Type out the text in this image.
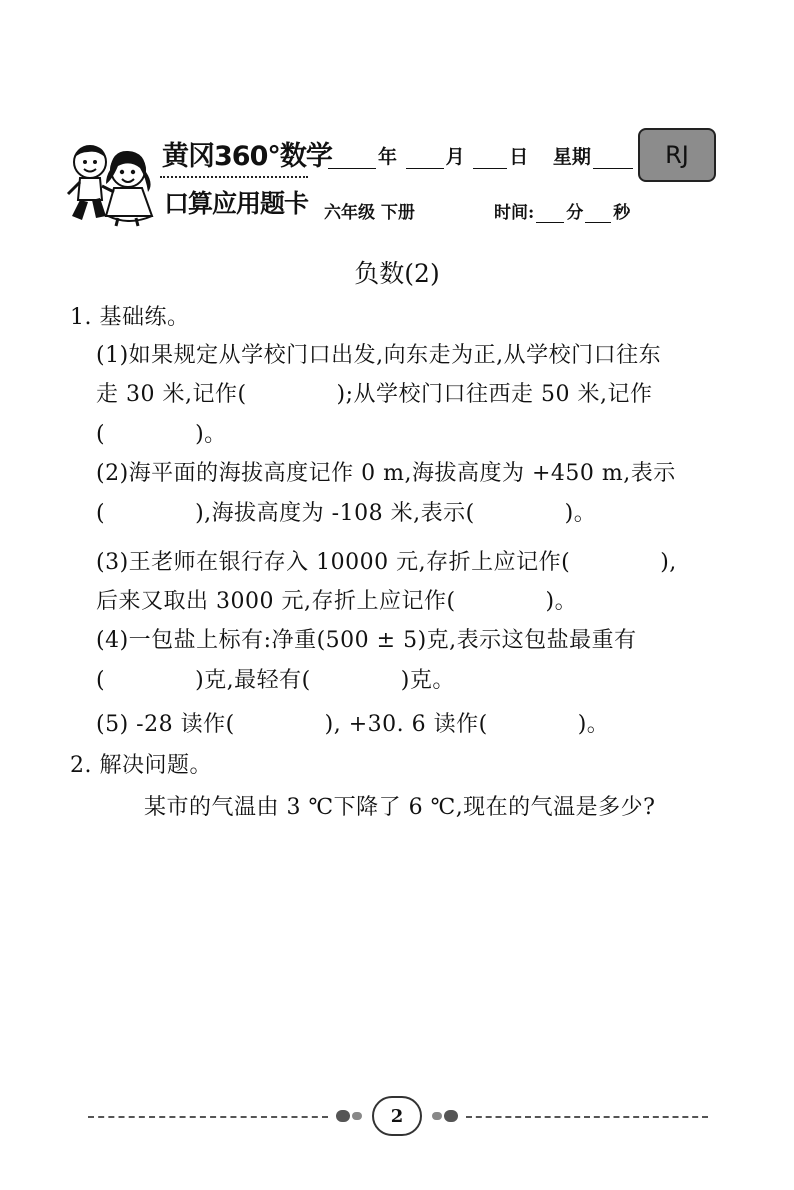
黄冈360°数学
口算应用题卡
年	月 日 星期	RJ
六年级 下册	时间: 分 秒
负数(2)
1. 基础练。
(1)如果规定从学校门口出发,向东走为正,从学校门口往东
走 30 米,记作(　　　　);从学校门口往西走 50 米,记作
(　　　　)。
(2)海平面的海拔高度记作 0 m,海拔高度为 +450 m,表示
(　　　　),海拔高度为 -108 米,表示(　　　　)。
(3)王老师在银行存入 10000 元,存折上应记作(　　　　),
后来又取出 3000 元,存折上应记作(　　　　)。
(4)一包盐上标有:净重(500 ± 5)克,表示这包盐最重有
(　　　　)克,最轻有(　　　　)克。
(5) -28 读作(　　　　), +30. 6 读作(　　　　)。
2. 解决问题。
某市的气温由 3 ℃下降了 6 ℃,现在的气温是多少?
2
